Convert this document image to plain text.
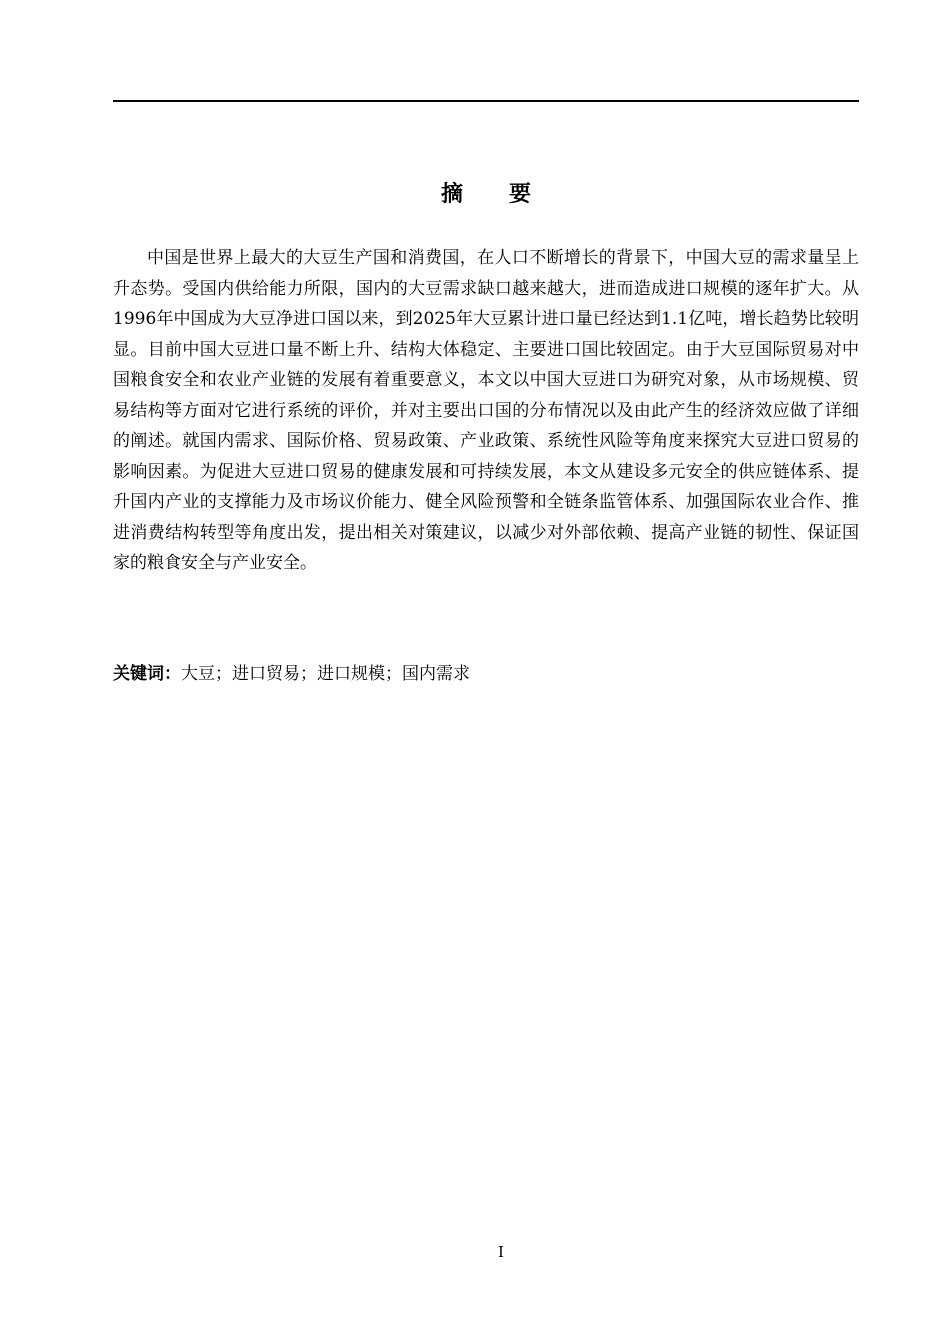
摘 要

中国是世界上最大的大豆生产国和消费国，在人口不断增长的背景下，中国大豆的需求量呈上升态势。受国内供给能力所限，国内的大豆需求缺口越来越大，进而造成进口规模的逐年扩大。从1996年中国成为大豆净进口国以来，到2025年大豆累计进口量已经达到1.1亿吨，增长趋势比较明显。目前中国大豆进口量不断上升、结构大体稳定、主要进口国比较固定。由于大豆国际贸易对中国粮食安全和农业产业链的发展有着重要意义，本文以中国大豆进口为研究对象，从市场规模、贸易结构等方面对它进行系统的评价，并对主要出口国的分布情况以及由此产生的经济效应做了详细的阐述。就国内需求、国际价格、贸易政策、产业政策、系统性风险等角度来探究大豆进口贸易的影响因素。为促进大豆进口贸易的健康发展和可持续发展，本文从建设多元安全的供应链体系、提升国内产业的支撑能力及市场议价能力、健全风险预警和全链条监管体系、加强国际农业合作、推进消费结构转型等角度出发，提出相关对策建议，以减少对外部依赖、提高产业链的韧性、保证国家的粮食安全与产业安全。

关键词：大豆；进口贸易；进口规模；国内需求
I
